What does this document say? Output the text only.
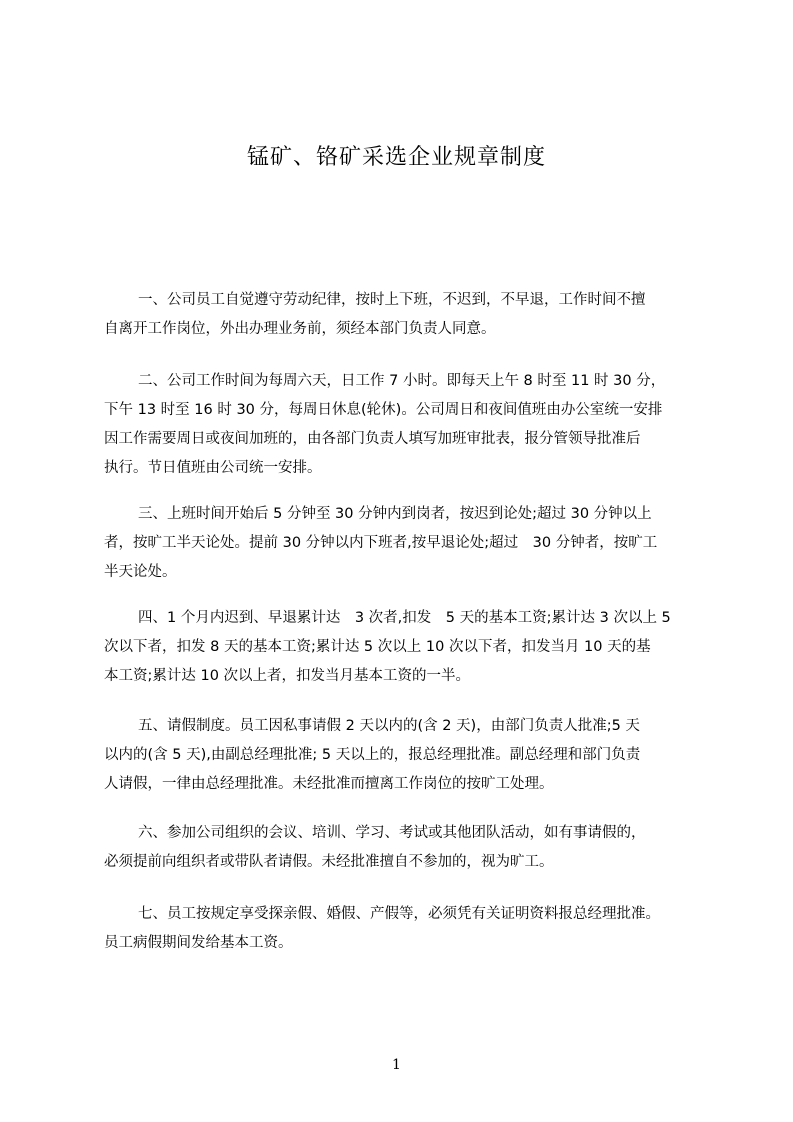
锰矿、铬矿采选企业规章制度
一、公司员工自觉遵守劳动纪律，按时上下班，不迟到，不早退，工作时间不擅
自离开工作岗位，外出办理业务前，须经本部门负责人同意。
二、公司工作时间为每周六天，日工作 7 小时。即每天上午 8 时至 11 时 30 分，
下午 13 时至 16 时 30 分，每周日休息(轮休)。公司周日和夜间值班由办公室统一安排
因工作需要周日或夜间加班的，由各部门负责人填写加班审批表，报分管领导批准后
执行。节日值班由公司统一安排。
三、上班时间开始后 5 分钟至 30 分钟内到岗者，按迟到论处;超过 30 分钟以上
者，按旷工半天论处。提前 30 分钟以内下班者,按早退论处;超过　30 分钟者，按旷工
半天论处。
四、1 个月内迟到、早退累计达　3 次者,扣发　5 天的基本工资;累计达 3 次以上 5
次以下者，扣发 8 天的基本工资;累计达 5 次以上 10 次以下者，扣发当月 10 天的基
本工资;累计达 10 次以上者，扣发当月基本工资的一半。
五、请假制度。员工因私事请假 2 天以内的(含 2 天)，由部门负责人批准;5 天
以内的(含 5 天),由副总经理批准; 5 天以上的，报总经理批准。副总经理和部门负责
人请假，一律由总经理批准。未经批准而擅离工作岗位的按旷工处理。
六、参加公司组织的会议、培训、学习、考试或其他团队活动，如有事请假的，
必须提前向组织者或带队者请假。未经批准擅自不参加的，视为旷工。
七、员工按规定享受探亲假、婚假、产假等，必须凭有关证明资料报总经理批准。
员工病假期间发给基本工资。
1
